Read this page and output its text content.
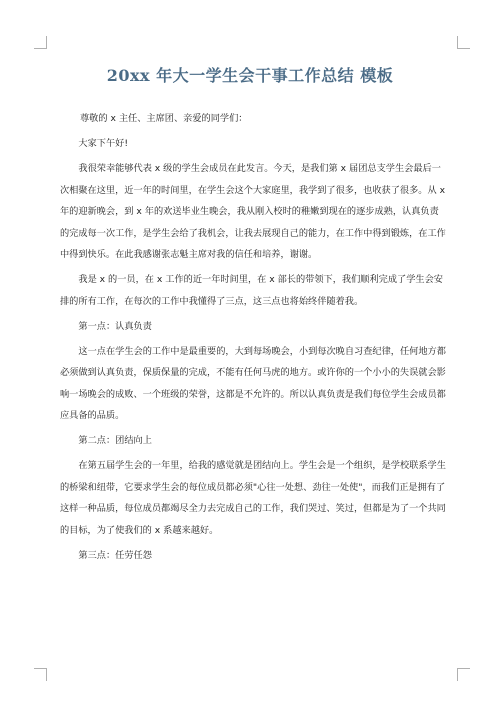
20xx 年大一学生会干事工作总结 模板

尊敬的 x 主任、主席团、亲爱的同学们：

大家下午好!

我很荣幸能够代表 x 级的学生会成员在此发言。今天，是我们第 x 届团总支学生会最后一次相聚在这里，近一年的时间里，在学生会这个大家庭里，我学到了很多，也收获了很多。从 x 年的迎新晚会，到 x 年的欢送毕业生晚会，我从刚入校时的稚嫩到现在的逐步成熟，认真负责的完成每一次工作，是学生会给了我机会，让我去展现自己的能力，在工作中得到锻炼，在工作中得到快乐。在此我感谢张志魁主席对我的信任和培养，谢谢。

我是 x 的一员，在 x 工作的近一年时间里，在 x 部长的带领下，我们顺利完成了学生会安排的所有工作，在每次的工作中我懂得了三点，这三点也将始终伴随着我。

第一点：认真负责

这一点在学生会的工作中是最重要的，大到每场晚会，小到每次晚自习查纪律，任何地方都必须做到认真负责，保质保量的完成，不能有任何马虎的地方。或许你的一个小小的失误就会影响一场晚会的成败、一个班级的荣誉，这都是不允许的。所以认真负责是我们每位学生会成员都应具备的品质。

第二点：团结向上

在第五届学生会的一年里，给我的感觉就是团结向上。学生会是一个组织，是学校联系学生的桥梁和纽带，它要求学生会的每位成员都必须"心往一处想、劲往一处使"，而我们正是拥有了这样一种品质，每位成员都竭尽全力去完成自己的工作，我们哭过、笑过，但都是为了一个共同的目标，为了使我们的 x 系越来越好。

第三点：任劳任怨
